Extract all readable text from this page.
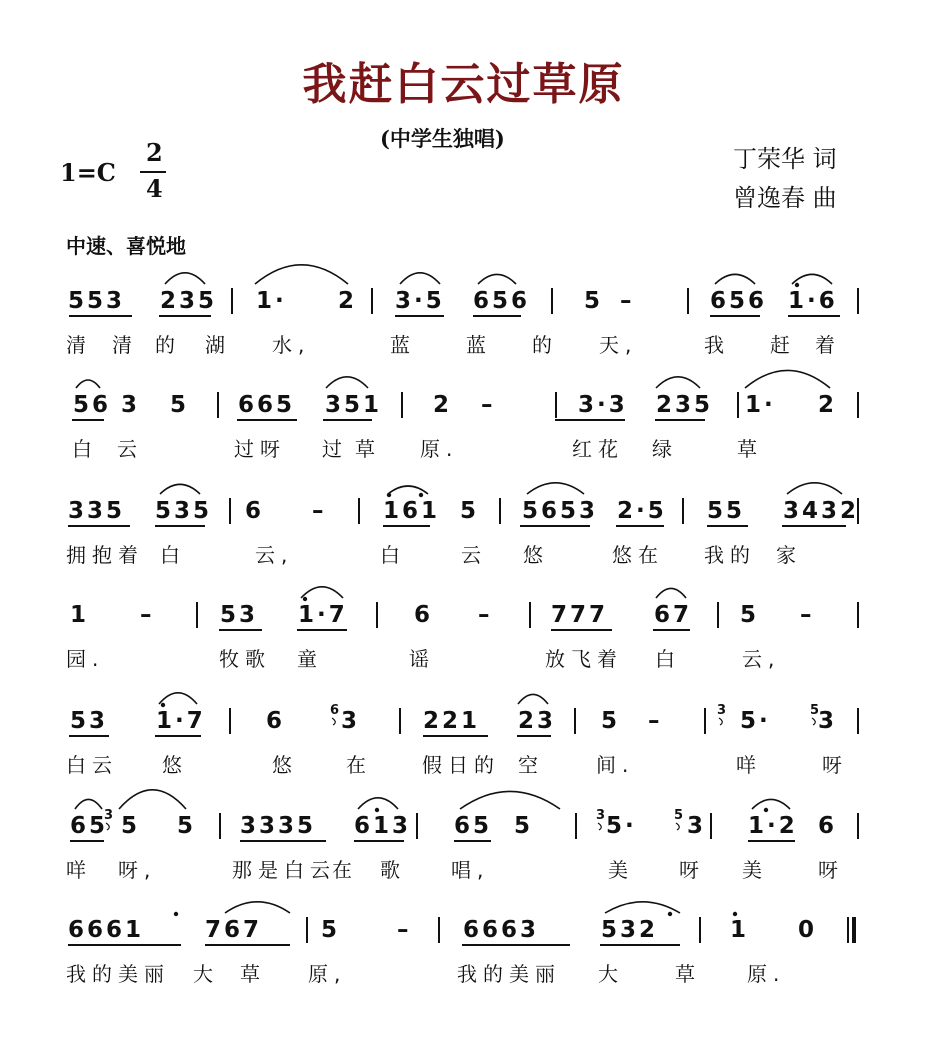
我赶白云过草原
(中学生独唱)
1=C
2
4
丁荣华 词
曾逸春 曲
中速、喜悦地
553 235 1· 2 3·5 656 5 –	656 1·6
清 清 的 湖 水,	蓝	蓝 的 天,	我 赶 着
56 3 5 665 351 2 –	3·3 235 1· 2
白 云	过呀 过 草 原.	红花 绿	草
335 535 6 –	161 5 5653 2·5 55 3432
拥抱着 白	云,	白	云 悠	悠在 我的 家
1 –	53 1·7	6 –	777 67 5 –
园.	牧歌 童	谣	放飞着 白	云,
53 1·7	6	3	221 23 5 –	5· 3
6	3	5
白云 悠	悠	在	假日的 空	间.	咩	呀
65 5 5 3335 613 65 5	5· 3 1·2 6
3	3	5
咩 呀,	那是白云
在 歌	唱,	美	呀 美	呀
6661	767	5	– 6663	532	1 0
我的美丽 大 草 原,	我的美丽 大	草	原.
